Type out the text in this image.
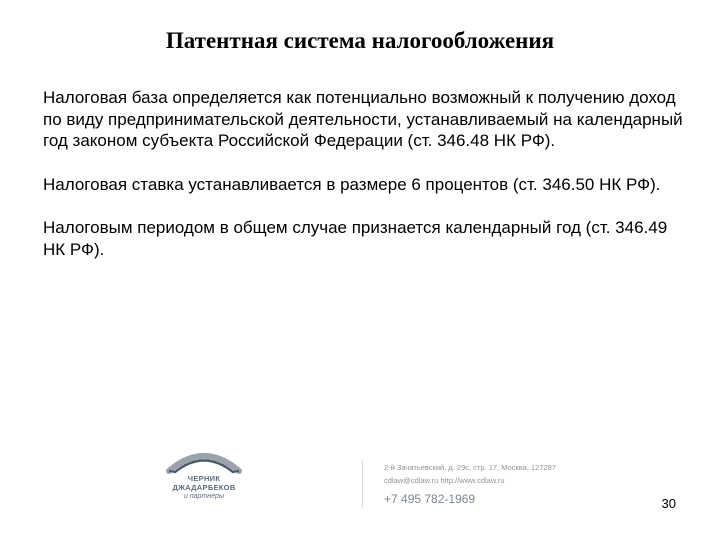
Патентная система налогообложения

Налоговая база определяется как потенциально возможный к получению доход по виду предпринимательской деятельности, устанавливаемый на календарный год законом субъекта Российской Федерации (ст. 346.48 НК РФ).

Налоговая ставка устанавливается в размере 6 процентов (ст. 346.50 НК РФ).

Налоговым периодом в общем случае признается календарный год (ст. 346.49 НК РФ).

ЧЕРНИК
ДЖАДАРБЕКОВ
и партнеры
2-й Зачатьевский, д. 29с, стр. 17, Москва, 127287
cdlaw@cdlaw.ru http://www.cdlaw.ru
+7 495 782-1969	30
